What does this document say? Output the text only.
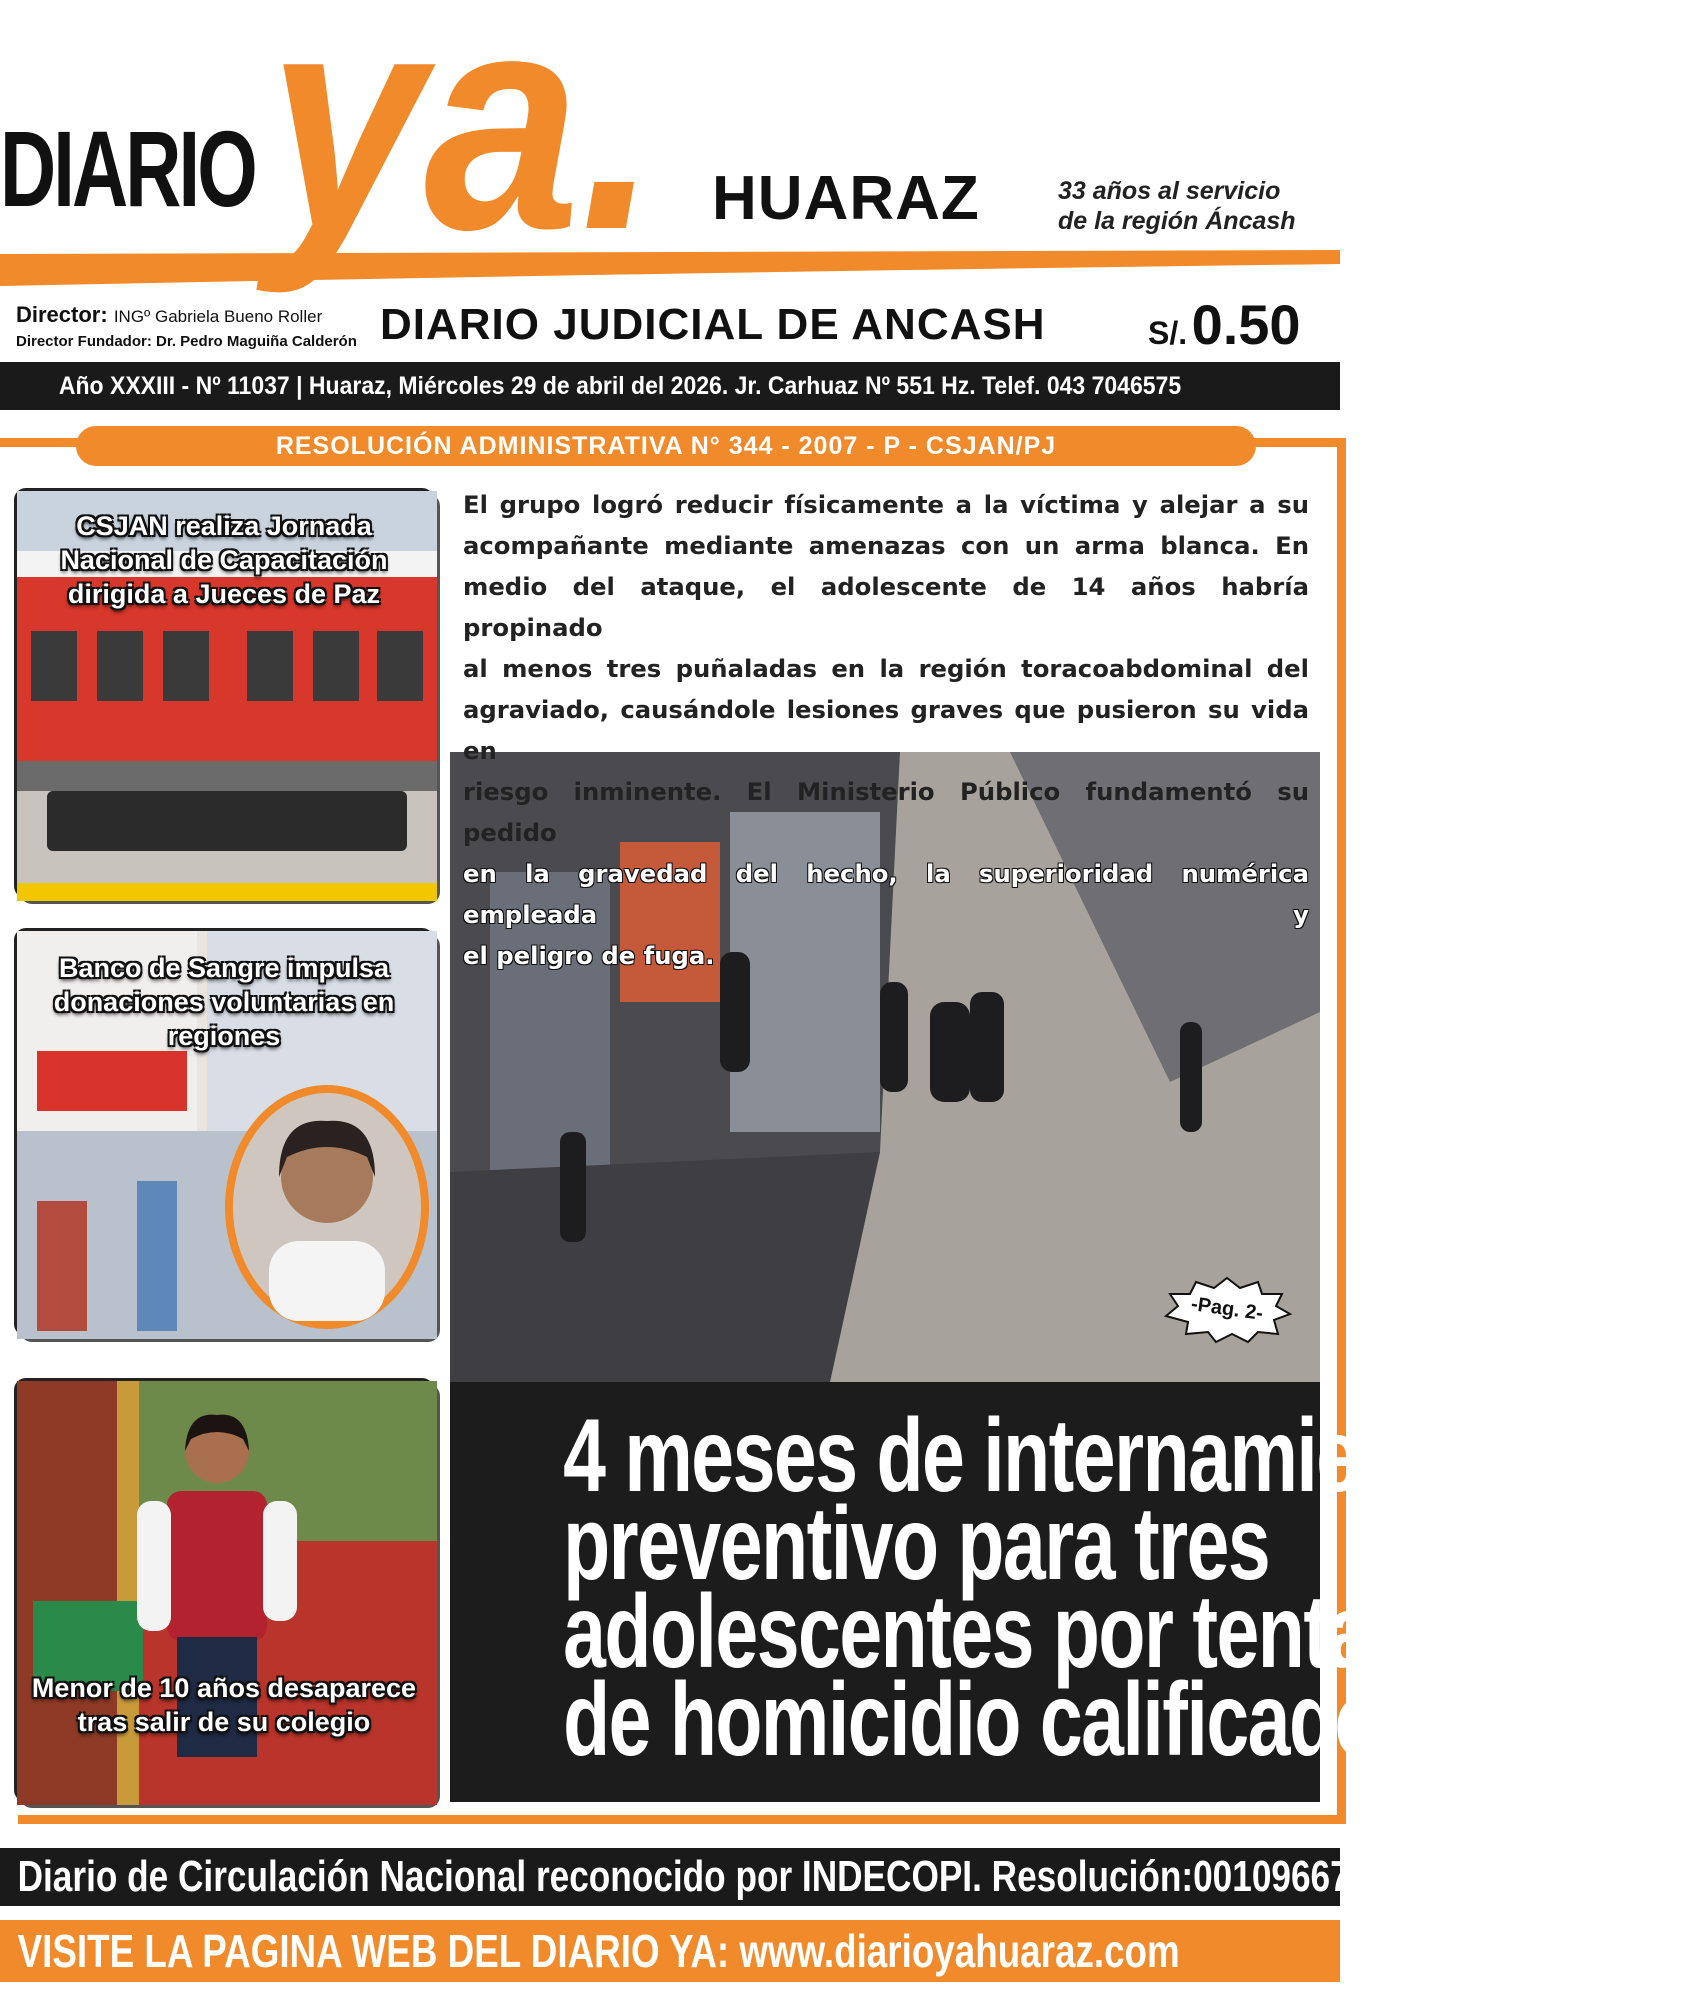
DIARIO ya. HUARAZ	33 años al servicio
de la región Áncash
Director: INGº Gabriela Bueno Roller
Director Fundador: Dr. Pedro Maguiña Calderón DIARIO JUDICIAL DE ANCASH	S/. 0.50
Año XXXIII - Nº 11037 | Huaraz, Miércoles 29 de abril del 2026. Jr. Carhuaz Nº 551 Hz. Telef. 043 7046575
RESOLUCIÓN ADMINISTRATIVA N° 344 - 2007 - P - CSJAN/PJ
CSJAN realiza Jornada Nacional de Capacitación dirigida a Jueces de Paz
Banco de Sangre impulsa donaciones voluntarias en regiones
Menor de 10 años desaparece tras salir de su colegio
El grupo logró reducir físicamente a la víctima y alejar a su
acompañante mediante amenazas con un arma blanca. En
medio del ataque, el adolescente de 14 años habría propinado
al menos tres puñaladas en la región toracoabdominal del
agraviado, causándole lesiones graves que pusieron su vida en
riesgo inminente. El Ministerio Público fundamentó su pedido
en la gravedad del hecho, la superioridad numérica empleada y
el peligro de fuga.
-Pag. 2-
4 meses de internamiento
preventivo para tres
adolescentes por tentativa
de homicidio calificado
Diario de Circulación Nacional reconocido por INDECOPI. Resolución:00109667
VISITE LA PAGINA WEB DEL DIARIO YA: www.diarioyahuaraz.com
